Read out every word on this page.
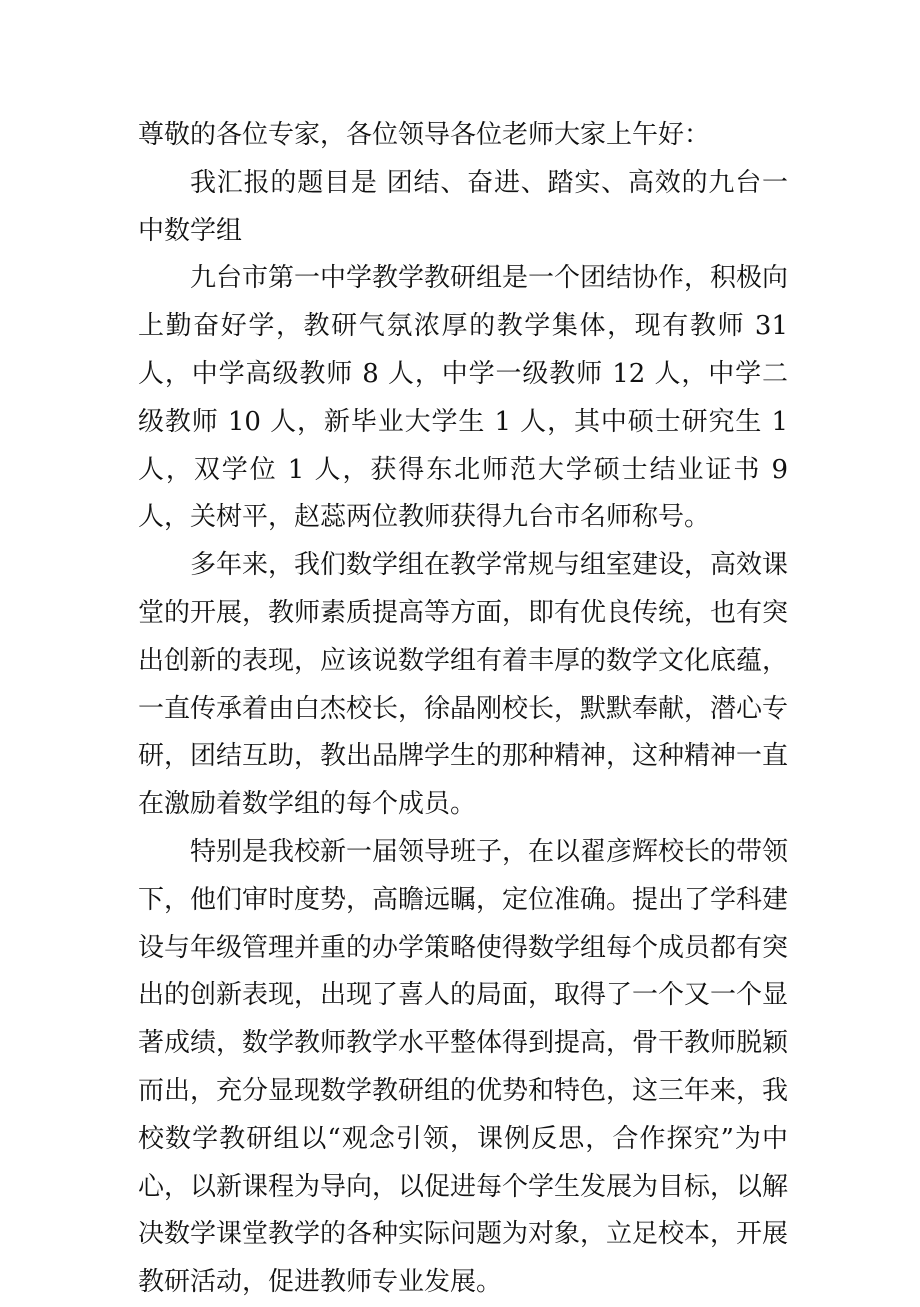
尊敬的各位专家，各位领导各位老师大家上午好：

我汇报的题目是 团结、奋进、踏实、高效的九台一中数学组

九台市第一中学教学教研组是一个团结协作，积极向上勤奋好学，教研气氛浓厚的教学集体，现有教师 31 人，中学高级教师 8 人，中学一级教师 12 人，中学二级教师 10 人，新毕业大学生 1 人，其中硕士研究生 1 人，双学位 1 人，获得东北师范大学硕士结业证书 9 人，关树平，赵蕊两位教师获得九台市名师称号。

多年来，我们数学组在教学常规与组室建设，高效课堂的开展，教师素质提高等方面，即有优良传统，也有突出创新的表现，应该说数学组有着丰厚的数学文化底蕴，一直传承着由白杰校长，徐晶刚校长，默默奉献，潜心专研，团结互助，教出品牌学生的那种精神，这种精神一直在激励着数学组的每个成员。

特别是我校新一届领导班子，在以翟彦辉校长的带领下，他们审时度势，高瞻远瞩，定位准确。提出了学科建设与年级管理并重的办学策略使得数学组每个成员都有突出的创新表现，出现了喜人的局面，取得了一个又一个显著成绩，数学教师教学水平整体得到提高，骨干教师脱颖而出，充分显现数学教研组的优势和特色，这三年来，我校数学教研组以“观念引领，课例反思，合作探究”为中心，以新课程为导向，以促进每个学生发展为目标，以解决数学课堂教学的各种实际问题为对象，立足校本，开展教研活动，促进教师专业发展。
